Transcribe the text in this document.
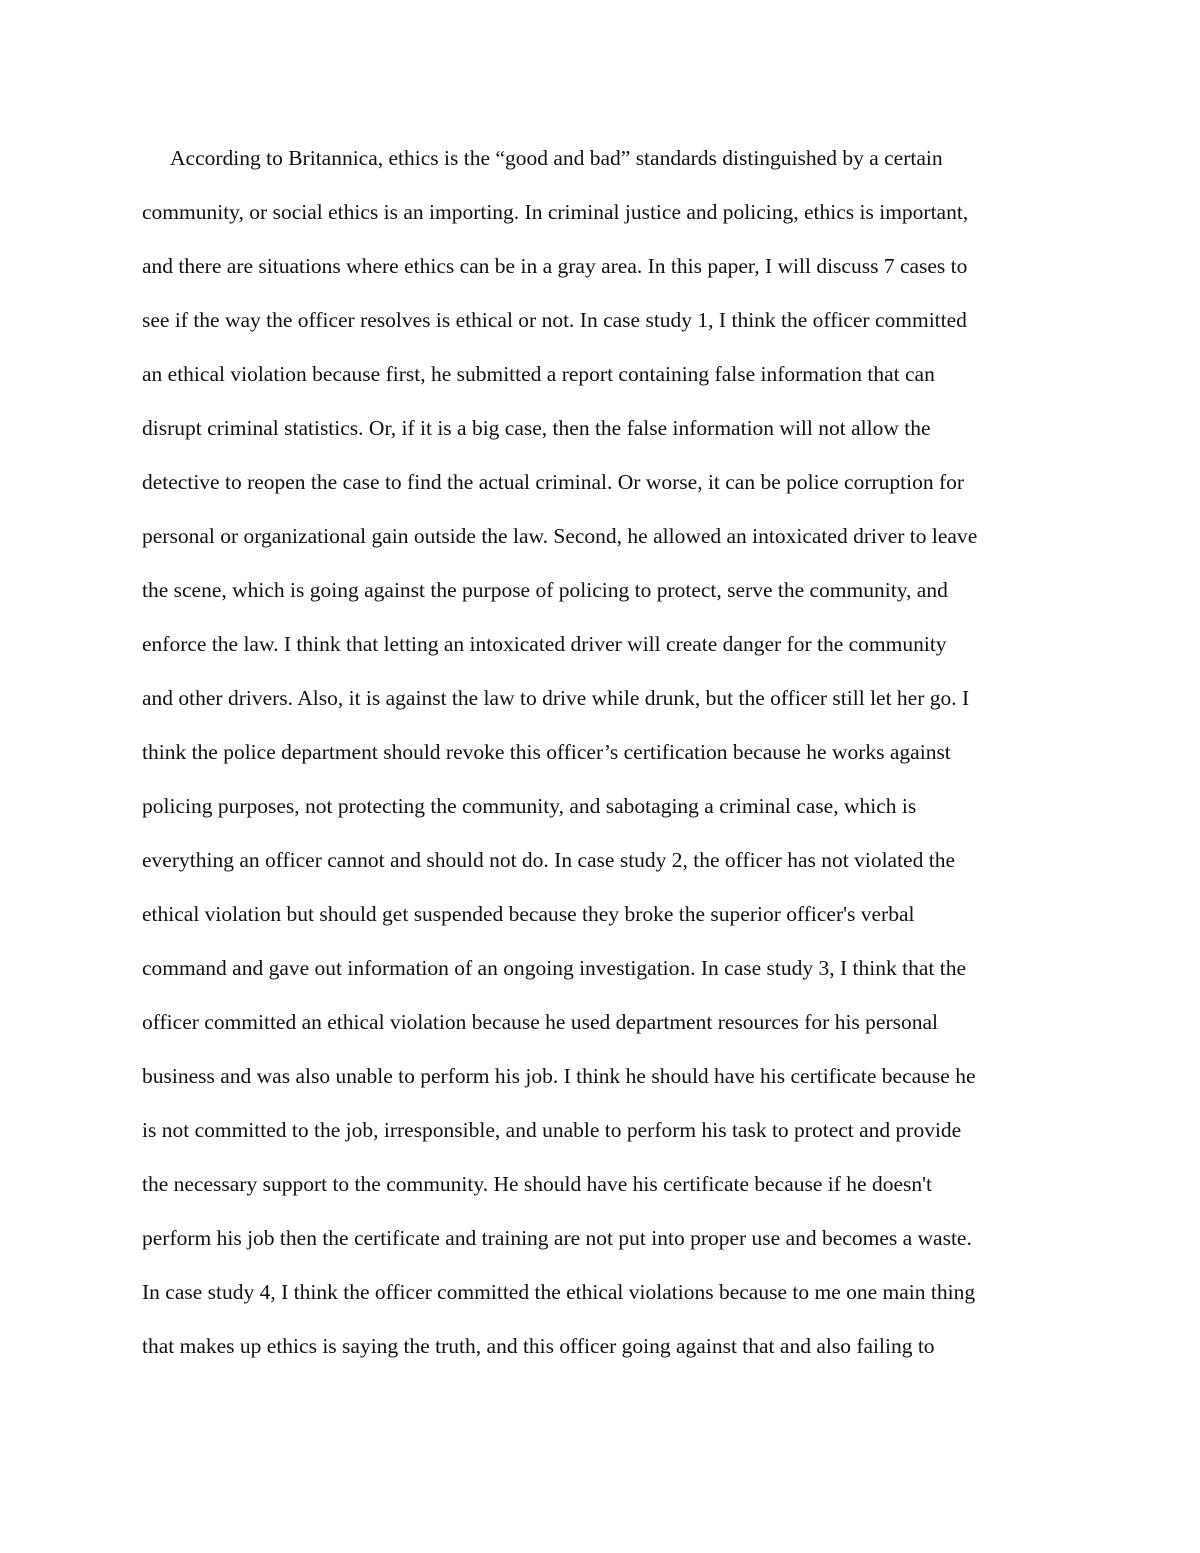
According to Britannica, ethics is the “good and bad” standards distinguished by a certain
community, or social ethics is an importing. In criminal justice and policing, ethics is important,
and there are situations where ethics can be in a gray area. In this paper, I will discuss 7 cases to
see if the way the officer resolves is ethical or not. In case study 1, I think the officer committed
an ethical violation because first, he submitted a report containing false information that can
disrupt criminal statistics. Or, if it is a big case, then the false information will not allow the
detective to reopen the case to find the actual criminal. Or worse, it can be police corruption for
personal or organizational gain outside the law. Second, he allowed an intoxicated driver to leave
the scene, which is going against the purpose of policing to protect, serve the community, and
enforce the law. I think that letting an intoxicated driver will create danger for the community
and other drivers. Also, it is against the law to drive while drunk, but the officer still let her go. I
think the police department should revoke this officer’s certification because he works against
policing purposes, not protecting the community, and sabotaging a criminal case, which is
everything an officer cannot and should not do. In case study 2, the officer has not violated the
ethical violation but should get suspended because they broke the superior officer's verbal
command and gave out information of an ongoing investigation. In case study 3, I think that the
officer committed an ethical violation because he used department resources for his personal
business and was also unable to perform his job. I think he should have his certificate because he
is not committed to the job, irresponsible, and unable to perform his task to protect and provide
the necessary support to the community. He should have his certificate because if he doesn't
perform his job then the certificate and training are not put into proper use and becomes a waste.
In case study 4, I think the officer committed the ethical violations because to me one main thing
that makes up ethics is saying the truth, and this officer going against that and also failing to
